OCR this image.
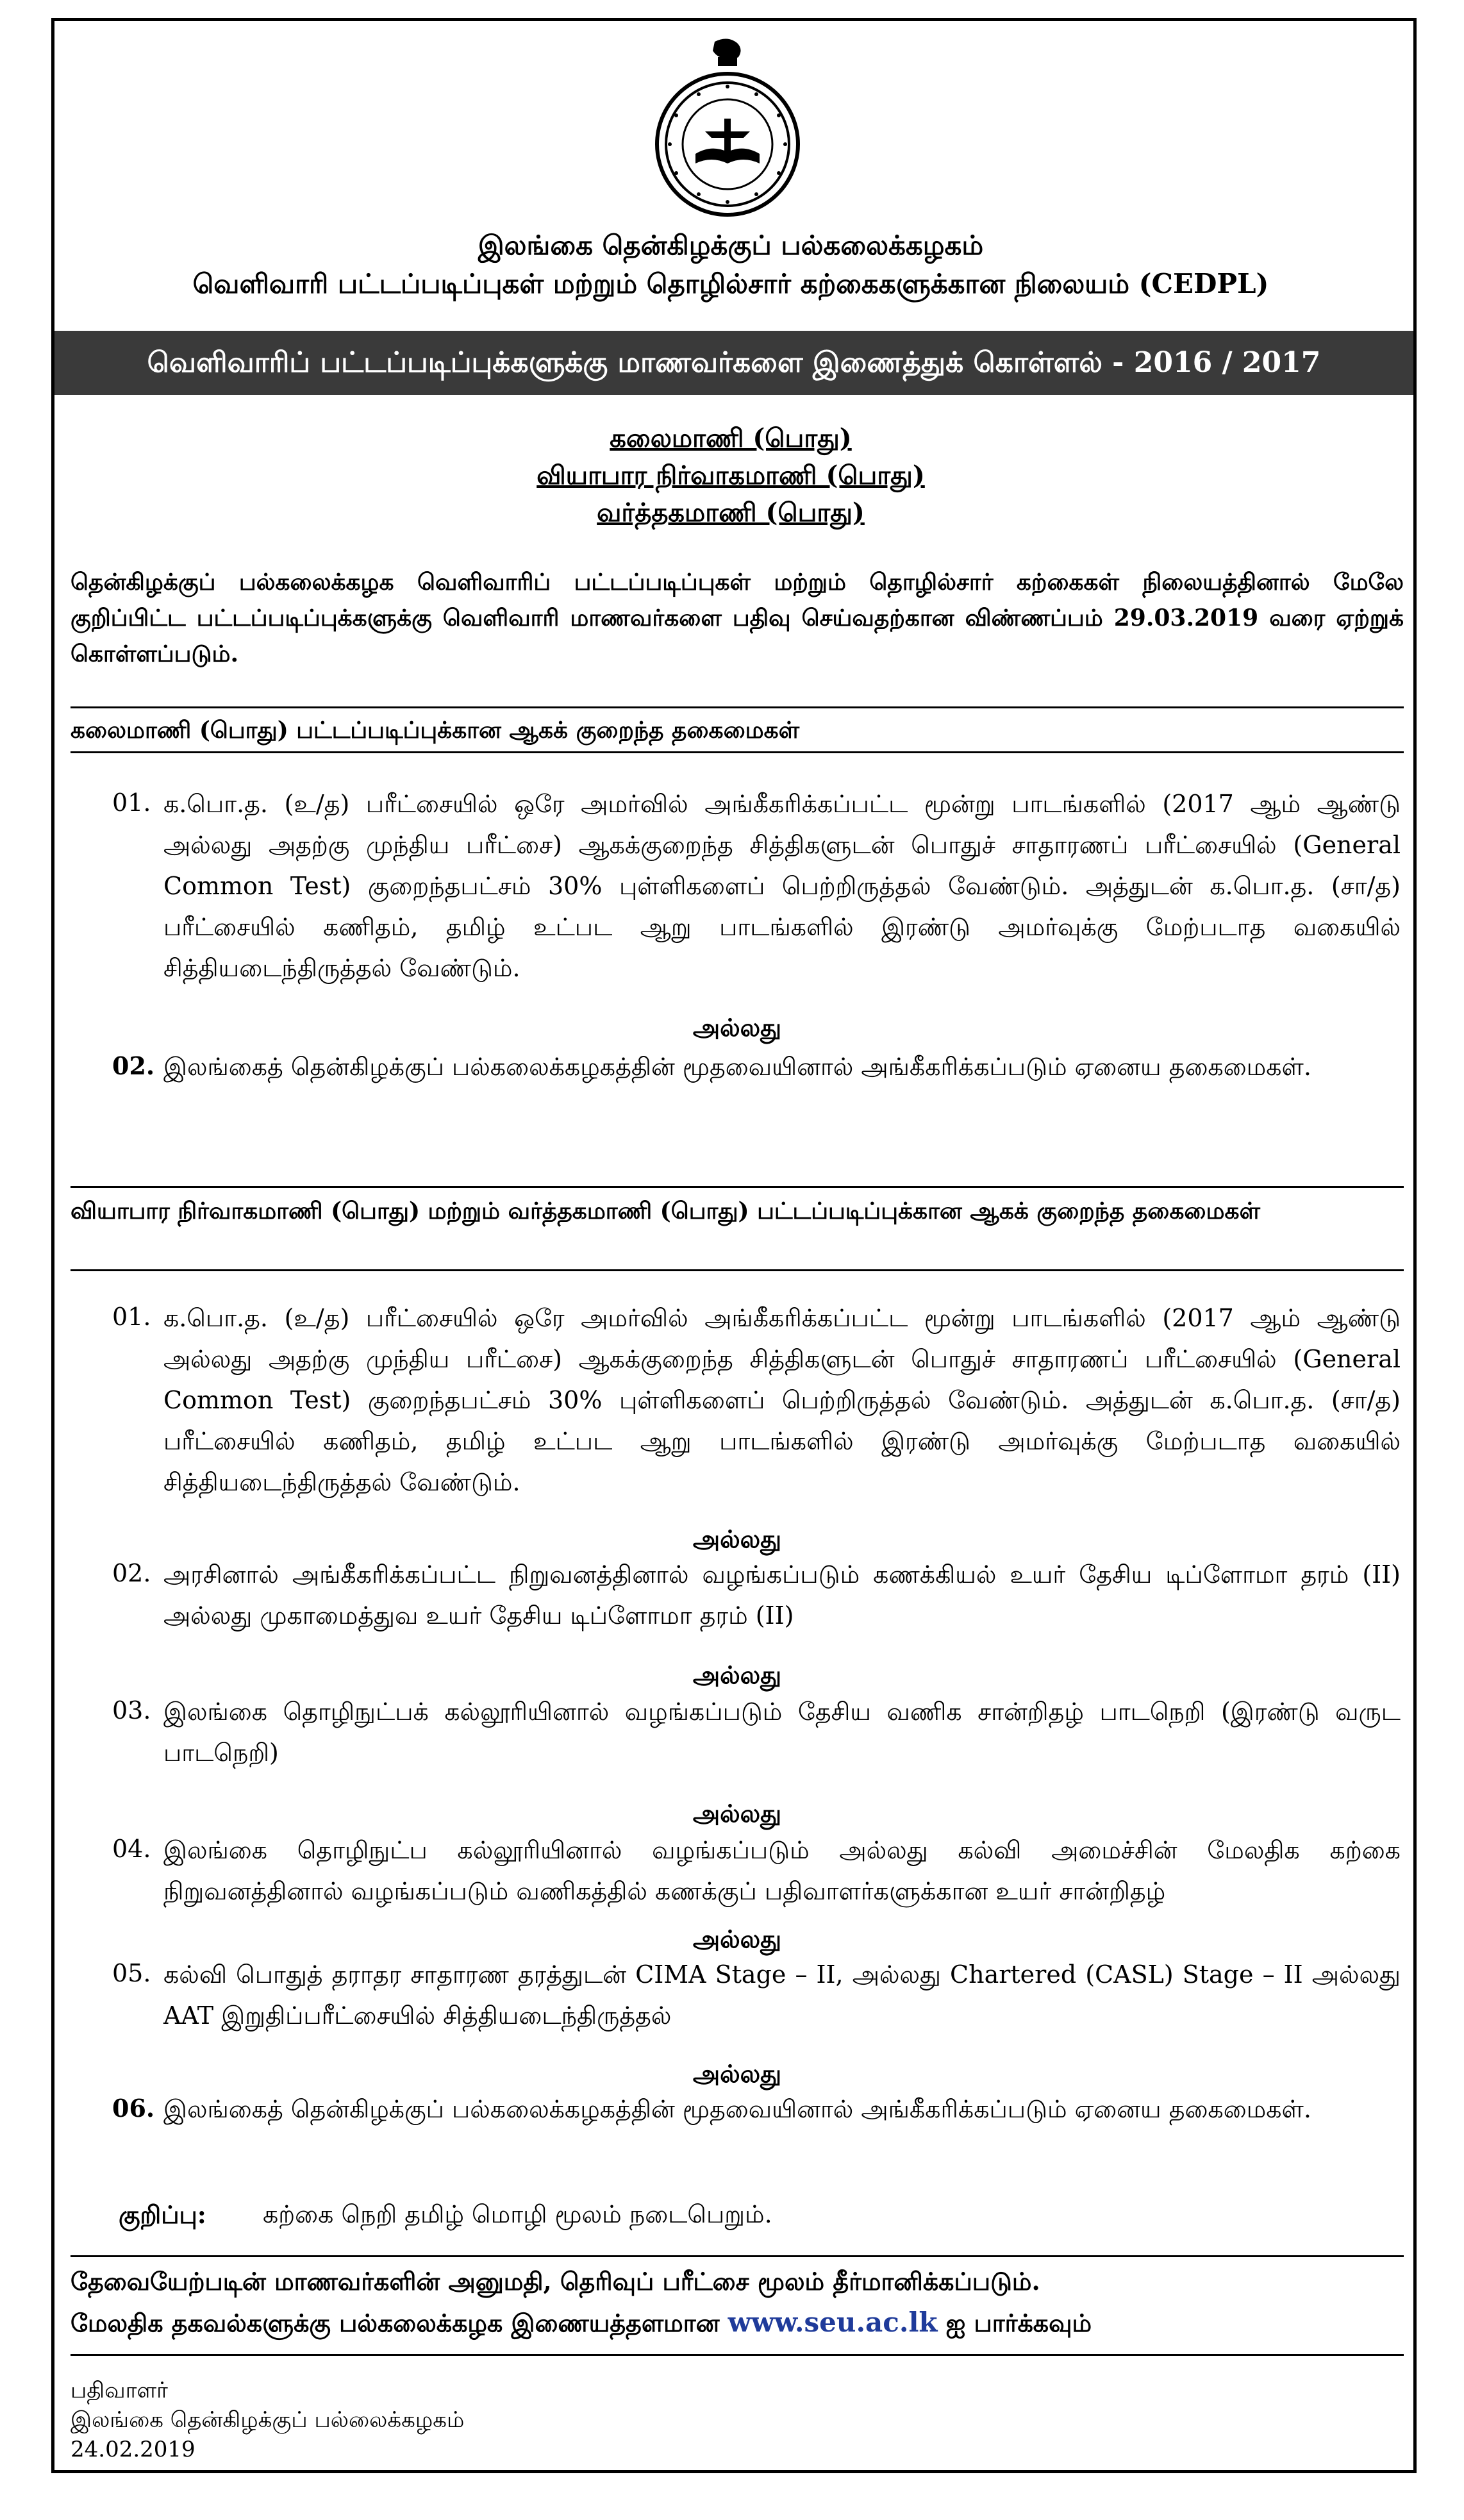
இலங்கை தென்கிழக்குப் பல்கலைக்கழகம்
வெளிவாரி பட்டப்படிப்புகள் மற்றும் தொழில்சார் கற்கைகளுக்கான நிலையம் (CEDPL)
வெளிவாரிப் பட்டப்படிப்புக்களுக்கு மாணவர்களை இணைத்துக் கொள்ளல் - 2016 / 2017
கலைமாணி (பொது)
வியாபார நிர்வாகமாணி (பொது)
வர்த்தகமாணி (பொது)
தென்கிழக்குப் பல்கலைக்கழக வெளிவாரிப் பட்டப்படிப்புகள் மற்றும் தொழில்சார் கற்கைகள் நிலையத்தினால் மேலே குறிப்பிட்ட பட்டப்படிப்புக்களுக்கு வெளிவாரி மாணவர்களை பதிவு செய்வதற்கான விண்ணப்பம் 29.03.2019 வரை ஏற்றுக் கொள்ளப்படும்.
கலைமாணி (பொது) பட்டப்படிப்புக்கான ஆகக் குறைந்த தகைமைகள்
01. க.பொ.த. (உ/த) பரீட்சையில் ஒரே அமர்வில் அங்கீகரிக்கப்பட்ட மூன்று பாடங்களில் (2017 ஆம் ஆண்டு அல்லது அதற்கு முந்திய பரீட்சை) ஆகக்குறைந்த சித்திகளுடன் பொதுச் சாதாரணப் பரீட்சையில் (General Common Test) குறைந்தபட்சம் 30% புள்ளிகளைப் பெற்றிருத்தல் வேண்டும். அத்துடன் க.பொ.த. (சா/த) பரீட்சையில் கணிதம், தமிழ் உட்பட ஆறு பாடங்களில் இரண்டு அமர்வுக்கு மேற்படாத வகையில் சித்தியடைந்திருத்தல் வேண்டும்.
அல்லது
02. இலங்கைத் தென்கிழக்குப் பல்கலைக்கழகத்தின் மூதவையினால் அங்கீகரிக்கப்படும் ஏனைய தகைமைகள்.
வியாபார நிர்வாகமாணி (பொது) மற்றும் வர்த்தகமாணி (பொது) பட்டப்படிப்புக்கான ஆகக் குறைந்த தகைமைகள்
01. க.பொ.த. (உ/த) பரீட்சையில் ஒரே அமர்வில் அங்கீகரிக்கப்பட்ட மூன்று பாடங்களில் (2017 ஆம் ஆண்டு அல்லது அதற்கு முந்திய பரீட்சை) ஆகக்குறைந்த சித்திகளுடன் பொதுச் சாதாரணப் பரீட்சையில் (General Common Test) குறைந்தபட்சம் 30% புள்ளிகளைப் பெற்றிருத்தல் வேண்டும். அத்துடன் க.பொ.த. (சா/த) பரீட்சையில் கணிதம், தமிழ் உட்பட ஆறு பாடங்களில் இரண்டு அமர்வுக்கு மேற்படாத வகையில் சித்தியடைந்திருத்தல் வேண்டும்.
அல்லது
02. அரசினால் அங்கீகரிக்கப்பட்ட நிறுவனத்தினால் வழங்கப்படும் கணக்கியல் உயர் தேசிய டிப்ளோமா தரம் (II) அல்லது முகாமைத்துவ உயர் தேசிய டிப்ளோமா தரம் (II)
அல்லது
03. இலங்கை தொழிநுட்பக் கல்லூரியினால் வழங்கப்படும் தேசிய வணிக சான்றிதழ் பாடநெறி (இரண்டு வருட பாடநெறி)
அல்லது
04. இலங்கை தொழிநுட்ப கல்லூரியினால் வழங்கப்படும் அல்லது கல்வி அமைச்சின் மேலதிக கற்கை நிறுவனத்தினால் வழங்கப்படும் வணிகத்தில் கணக்குப் பதிவாளர்களுக்கான உயர் சான்றிதழ்
அல்லது
05. கல்வி பொதுத் தராதர சாதாரண தரத்துடன் CIMA Stage – II, அல்லது Chartered (CASL) Stage – II அல்லது AAT இறுதிப்பரீட்சையில் சித்தியடைந்திருத்தல்
அல்லது
06. இலங்கைத் தென்கிழக்குப் பல்கலைக்கழகத்தின் மூதவையினால் அங்கீகரிக்கப்படும் ஏனைய தகைமைகள்.
குறிப்பு: கற்கை நெறி தமிழ் மொழி மூலம் நடைபெறும்.
தேவையேற்படின் மாணவர்களின் அனுமதி, தெரிவுப் பரீட்சை மூலம் தீர்மானிக்கப்படும்.
மேலதிக தகவல்களுக்கு பல்கலைக்கழக இணையத்தளமான www.seu.ac.lk ஐ பார்க்கவும்
பதிவாளர்
இலங்கை தென்கிழக்குப் பல்லைக்கழகம்
24.02.2019
